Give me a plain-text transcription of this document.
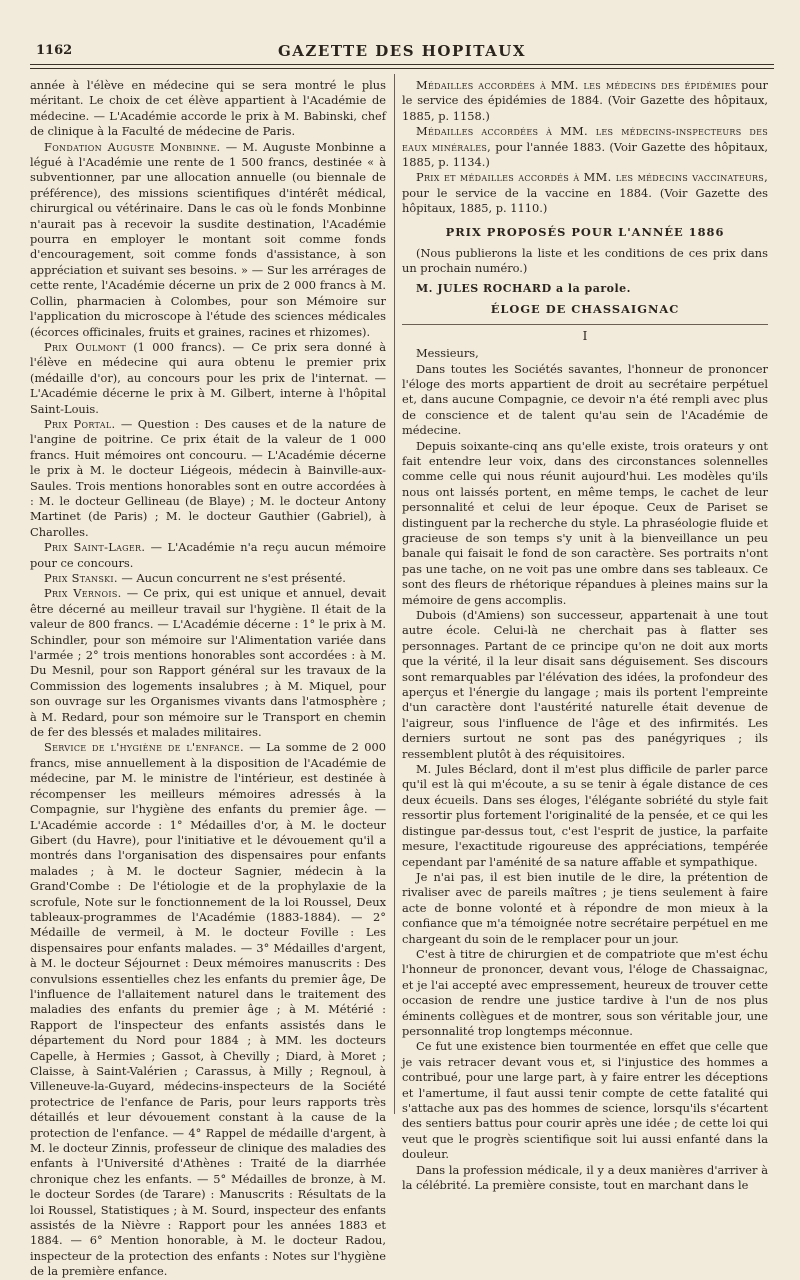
1162	GAZETTE DES HOPITAUX

année à l'élève en médecine qui se sera montré le plus méritant. Le choix de cet élève appartient à l'Académie de médecine. — L'Académie accorde le prix à M. Babinski, chef de clinique à la Faculté de médecine de Paris.

Fondation Auguste Monbinne. — M. Auguste Monbinne a légué à l'Académie une rente de 1 500 francs, destinée « à subventionner, par une allocation annuelle (ou biennale de préférence), des missions scientifiques d'intérêt médical, chirurgical ou vétérinaire. Dans le cas où le fonds Monbinne n'aurait pas à recevoir la susdite destination, l'Académie pourra en employer le montant soit comme fonds d'encouragement, soit comme fonds d'assistance, à son appréciation et suivant ses besoins. » — Sur les arrérages de cette rente, l'Académie décerne un prix de 2 000 francs à M. Collin, pharmacien à Colombes, pour son Mémoire sur l'application du microscope à l'étude des sciences médicales (écorces officinales, fruits et graines, racines et rhizomes).

Prix Oulmont (1 000 francs). — Ce prix sera donné à l'élève en médecine qui aura obtenu le premier prix (médaille d'or), au concours pour les prix de l'internat. — L'Académie décerne le prix à M. Gilbert, interne à l'hôpital Saint-Louis.

Prix Portal. — Question : Des causes et de la nature de l'angine de poitrine. Ce prix était de la valeur de 1 000 francs. Huit mémoires ont concouru. — L'Académie décerne le prix à M. le docteur Liégeois, médecin à Bainville-aux-Saules. Trois mentions honorables sont en outre accordées à : M. le docteur Gellineau (de Blaye) ; M. le docteur Antony Martinet (de Paris) ; M. le docteur Gauthier (Gabriel), à Charolles.

Prix Saint-Lager. — L'Académie n'a reçu aucun mémoire pour ce concours.

Prix Stanski. — Aucun concurrent ne s'est présenté.

Prix Vernois. — Ce prix, qui est unique et annuel, devait être décerné au meilleur travail sur l'hygiène. Il était de la valeur de 800 francs. — L'Académie décerne : 1° le prix à M. Schindler, pour son mémoire sur l'Alimentation variée dans l'armée ; 2° trois mentions honorables sont accordées : à M. Du Mesnil, pour son Rapport général sur les travaux de la Commission des logements insalubres ; à M. Miquel, pour son ouvrage sur les Organismes vivants dans l'atmosphère ; à M. Redard, pour son mémoire sur le Transport en chemin de fer des blessés et malades militaires.

Service de l'hygiène de l'enfance. — La somme de 2 000 francs, mise annuellement à la disposition de l'Académie de médecine, par M. le ministre de l'intérieur, est destinée à récompenser les meilleurs mémoires adressés à la Compagnie, sur l'hygiène des enfants du premier âge. — L'Académie accorde : 1° Médailles d'or, à M. le docteur Gibert (du Havre), pour l'initiative et le dévouement qu'il a montrés dans l'organisation des dispensaires pour enfants malades ; à M. le docteur Sagnier, médecin à la Grand'Combe : De l'étiologie et de la prophylaxie de la scrofule, Note sur le fonctionnement de la loi Roussel, Deux tableaux-programmes de l'Académie (1883-1884). — 2° Médaille de vermeil, à M. le docteur Foville : Les dispensaires pour enfants malades. — 3° Médailles d'argent, à M. le docteur Séjournet : Deux mémoires manuscrits : Des convulsions essentielles chez les enfants du premier âge, De l'influence de l'allaitement naturel dans le traitement des maladies des enfants du premier âge ; à M. Métérié : Rapport de l'inspecteur des enfants assistés dans le département du Nord pour 1884 ; à MM. les docteurs Capelle, à Hermies ; Gassot, à Chevilly ; Diard, à Moret ; Claisse, à Saint-Valérien ; Carassus, à Milly ; Regnoul, à Villeneuve-la-Guyard, médecins-inspecteurs de la Société protectrice de l'enfance de Paris, pour leurs rapports très détaillés et leur dévouement constant à la cause de la protection de l'enfance. — 4° Rappel de médaille d'argent, à M. le docteur Zinnis, professeur de clinique des maladies des enfants à l'Université d'Athènes : Traité de la diarrhée chronique chez les enfants. — 5° Médailles de bronze, à M. le docteur Sordes (de Tarare) : Manuscrits : Résultats de la loi Roussel, Statistiques ; à M. Sourd, inspecteur des enfants assistés de la Nièvre : Rapport pour les années 1883 et 1884. — 6° Mention honorable, à M. le docteur Radou, inspecteur de la protection des enfants : Notes sur l'hygiène de la première enfance.

Médailles accordées à MM. les médecins des épidémies pour le service des épidémies de 1884. (Voir Gazette des hôpitaux, 1885, p. 1158.)

Médailles accordées à MM. les médecins-inspecteurs des eaux minérales, pour l'année 1883. (Voir Gazette des hôpitaux, 1885, p. 1134.)

Prix et médailles accordés à MM. les médecins vaccinateurs, pour le service de la vaccine en 1884. (Voir Gazette des hôpitaux, 1885, p. 1110.)

PRIX PROPOSÉS POUR L'ANNÉE 1886

(Nous publierons la liste et les conditions de ces prix dans un prochain numéro.)

M. JULES ROCHARD a la parole.
ÉLOGE DE CHASSAIGNAC
I

Messieurs,

Dans toutes les Sociétés savantes, l'honneur de prononcer l'éloge des morts appartient de droit au secrétaire perpétuel et, dans aucune Compagnie, ce devoir n'a été rempli avec plus de conscience et de talent qu'au sein de l'Académie de médecine.

Depuis soixante-cinq ans qu'elle existe, trois orateurs y ont fait entendre leur voix, dans des circonstances solennelles comme celle qui nous réunit aujourd'hui. Les modèles qu'ils nous ont laissés portent, en même temps, le cachet de leur personnalité et celui de leur époque. Ceux de Pariset se distinguent par la recherche du style. La phraséologie fluide et gracieuse de son temps s'y unit à la bienveillance un peu banale qui faisait le fond de son caractère. Ses portraits n'ont pas une tache, on ne voit pas une ombre dans ses tableaux. Ce sont des fleurs de rhétorique répandues à pleines mains sur la mémoire de gens accomplis.

Dubois (d'Amiens) son successeur, appartenait à une tout autre école. Celui-là ne cherchait pas à flatter ses personnages. Partant de ce principe qu'on ne doit aux morts que la vérité, il la leur disait sans déguisement. Ses discours sont remarquables par l'élévation des idées, la profondeur des aperçus et l'énergie du langage ; mais ils portent l'empreinte d'un caractère dont l'austérité naturelle était devenue de l'aigreur, sous l'influence de l'âge et des infirmités. Les derniers surtout ne sont pas des panégyriques ; ils ressemblent plutôt à des réquisitoires.

M. Jules Béclard, dont il m'est plus difficile de parler parce qu'il est là qui m'écoute, a su se tenir à égale distance de ces deux écueils. Dans ses éloges, l'élégante sobriété du style fait ressortir plus fortement l'originalité de la pensée, et ce qui les distingue par-dessus tout, c'est l'esprit de justice, la parfaite mesure, l'exactitude rigoureuse des appréciations, tempérée cependant par l'aménité de sa nature affable et sympathique.

Je n'ai pas, il est bien inutile de le dire, la prétention de rivaliser avec de pareils maîtres ; je tiens seulement à faire acte de bonne volonté et à répondre de mon mieux à la confiance que m'a témoignée notre secrétaire perpétuel en me chargeant du soin de le remplacer pour un jour.

C'est à titre de chirurgien et de compatriote que m'est échu l'honneur de prononcer, devant vous, l'éloge de Chassaignac, et je l'ai accepté avec empressement, heureux de trouver cette occasion de rendre une justice tardive à l'un de nos plus éminents collègues et de montrer, sous son véritable jour, une personnalité trop longtemps méconnue.

Ce fut une existence bien tourmentée en effet que celle que je vais retracer devant vous et, si l'injustice des hommes a contribué, pour une large part, à y faire entrer les déceptions et l'amertume, il faut aussi tenir compte de cette fatalité qui s'attache aux pas des hommes de science, lorsqu'ils s'écartent des sentiers battus pour courir après une idée ; de cette loi qui veut que le progrès scientifique soit lui aussi enfanté dans la douleur.

Dans la profession médicale, il y a deux manières d'arriver à la célébrité. La première consiste, tout en marchant dans le
